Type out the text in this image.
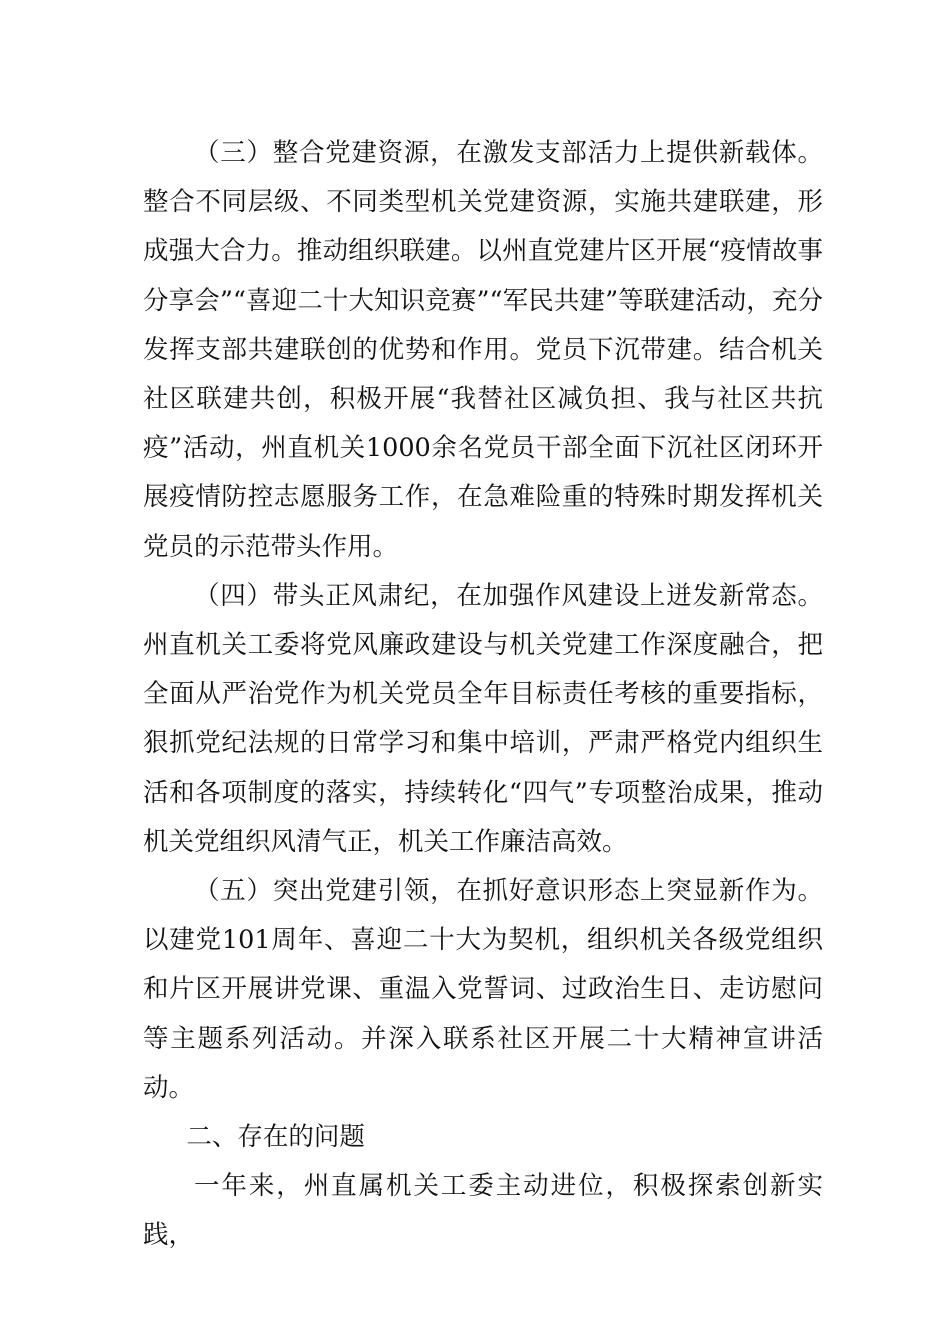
（三）整合党建资源，在激发支部活力上提供新载体。整合不同层级、不同类型机关党建资源，实施共建联建，形成强大合力。推动组织联建。以州直党建片区开展“疫情故事分享会”“喜迎二十大知识竞赛”“军民共建”等联建活动，充分发挥支部共建联创的优势和作用。党员下沉带建。结合机关社区联建共创，积极开展“我替社区减负担、我与社区共抗疫”活动，州直机关1000余名党员干部全面下沉社区闭环开展疫情防控志愿服务工作，在急难险重的特殊时期发挥机关党员的示范带头作用。

（四）带头正风肃纪，在加强作风建设上迸发新常态。州直机关工委将党风廉政建设与机关党建工作深度融合，把全面从严治党作为机关党员全年目标责任考核的重要指标，狠抓党纪法规的日常学习和集中培训，严肃严格党内组织生活和各项制度的落实，持续转化“四气”专项整治成果，推动机关党组织风清气正，机关工作廉洁高效。

（五）突出党建引领，在抓好意识形态上突显新作为。以建党101周年、喜迎二十大为契机，组织机关各级党组织和片区开展讲党课、重温入党誓词、过政治生日、走访慰问等主题系列活动。并深入联系社区开展二十大精神宣讲活动。

二、存在的问题

一年来，州直属机关工委主动进位，积极探索创新实践，
